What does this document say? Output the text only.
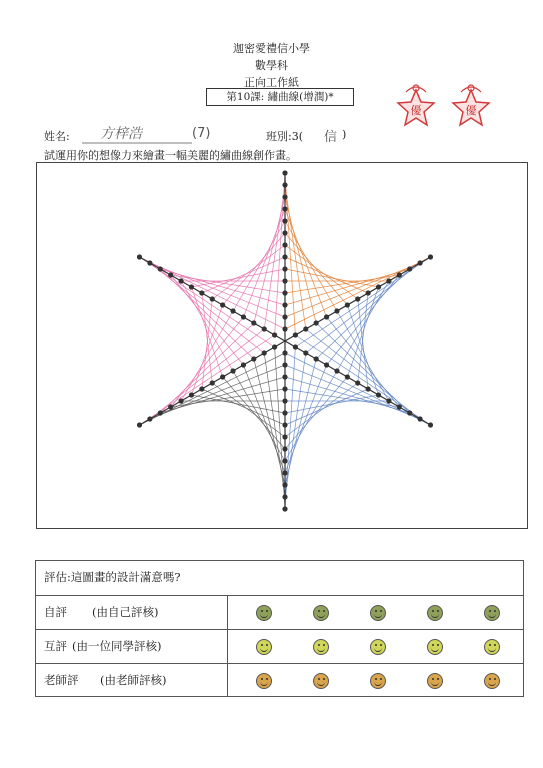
迦密愛禮信小學
數學科
正向工作紙
第10課: 繡曲線(增潤)*
優	優
姓名: 方梓浩	(7)	班別:3( 信 )
試運用你的想像力來繪畫一幅美麗的繡曲線創作畫。
評估:這圖畫的設計滿意嗎?
自評 (由自己評核)
互評 (由一位同學評核)
老師評 (由老師評核)
